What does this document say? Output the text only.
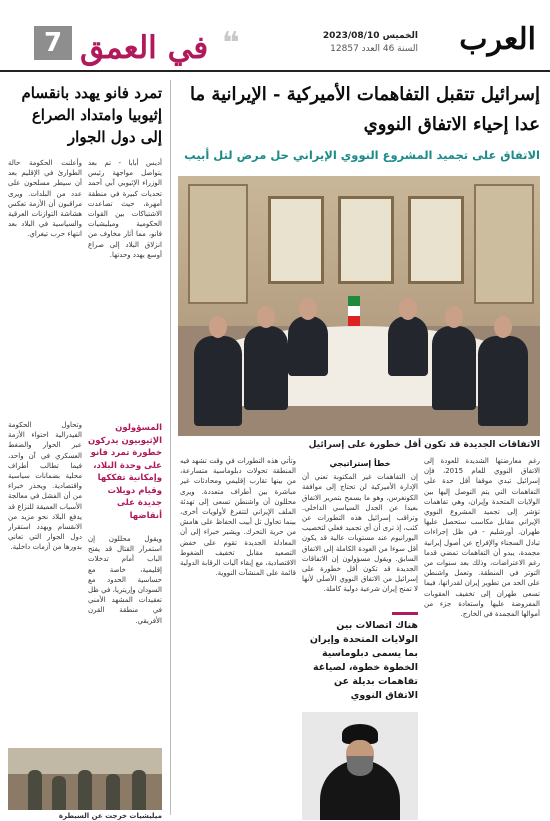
العرب
الخميس 2023/08/10
السنة 46 العدد 12857
❝
في العمق
7
إسرائيل تتقبل التفاهمات الأميركية - الإيرانية ما عدا إحياء الاتفاق النووي
الاتفاق على تجميد المشروع النووي الإيراني حل مرض لتل أبيب
الاتفاقات الجديدة قد تكون أقل خطورة على إسرائيل

رغم معارضتها الشديدة للعودة إلى الاتفاق النووي للعام 2015، فإن إسرائيل تبدي موقفا أقل حدة على التفاهمات التي يتم التوصل إليها بين الولايات المتحدة وإيران، وهي تفاهمات تؤشر إلى تجميد المشروع النووي الإيراني مقابل مكاسب ستحصل عليها طهران. أورشليم - في ظل إجراءات تبادل السجناء والإفراج عن أصول إيرانية مجمدة، يبدو أن التفاهمات تمضي قدما رغم الاعتراضات، وذلك بعد سنوات من التوتر في المنطقة. وتعمل واشنطن على الحد من تطوير إيران لقدراتها، فيما تسعى طهران إلى تخفيف العقوبات المفروضة عليها واستعادة جزء من أموالها المجمدة في الخارج.

وتأتي هذه التطورات في وقت تشهد فيه المنطقة تحولات دبلوماسية متسارعة، من بينها تقارب إقليمي ومحادثات غير مباشرة بين أطراف متعددة. ويرى محللون أن واشنطن تسعى إلى تهدئة الملف الإيراني لتتفرغ لأولويات أخرى، بينما تحاول تل أبيب الحفاظ على هامش من حرية التحرك. ويشير خبراء إلى أن المعادلة الجديدة تقوم على خفض التصعيد مقابل تخفيف الضغوط الاقتصادية، مع إبقاء آليات الرقابة الدولية قائمة على المنشآت النووية.

خطأ إستراتيجي

إن التفاهمات غير المكتوبة تعني أن الإدارة الأميركية لن تحتاج إلى موافقة الكونغرس، وهو ما يسمح بتمرير الاتفاق بعيدا عن الجدل السياسي الداخلي. وتراقب إسرائيل هذه التطورات عن كثب، إذ ترى أن أي تجميد فعلي لتخصيب اليورانيوم عند مستويات عالية قد يكون أقل سوءا من العودة الكاملة إلى الاتفاق السابق. ويقول مسؤولون إن الاتفاقات الجديدة قد تكون أقل خطورة على إسرائيل من الاتفاق النووي الأصلي لأنها لا تمنح إيران شرعية دولية كاملة.

هناك اتصالات بين الولايات المتحدة وإيران بما يسمى دبلوماسية الخطوة خطوة، لصياغة تفاهمات بديلة عن الاتفاق النووي
تمرد فانو يهدد بانقسام إثيوبيا وامتداد الصراع إلى دول الجوار

أديس أبابا - تم بعد يتواصل مواجهة رئيس الوزراء الإثيوبي آبي أحمد تحديات كبيرة في منطقة أمهرة، حيث تصاعدت الاشتباكات بين القوات الحكومية وميليشيات فانو، مما أثار مخاوف من انزلاق البلاد إلى صراع أوسع يهدد وحدتها.

وأعلنت الحكومة حالة الطوارئ في الإقليم بعد أن سيطر مسلحون على عدد من البلدات. ويرى مراقبون أن الأزمة تعكس هشاشة التوازنات العرقية والسياسية في البلاد بعد انتهاء حرب تيغراي.

المسؤولون الإثيوبيون يدركون خطورة تمرد فانو على وحدة البلاد، وإمكانية تفككها وقيام دويلات جديدة على أنقاضها

ويقول محللون إن استمرار القتال قد يفتح الباب أمام تدخلات إقليمية، خاصة مع حساسية الحدود مع السودان وإريتريا، في ظل تعقيدات المشهد الأمني في منطقة القرن الأفريقي.

وتحاول الحكومة الفيدرالية احتواء الأزمة عبر الحوار والضغط العسكري في آن واحد، فيما تطالب أطراف محلية بضمانات سياسية واقتصادية. ويحذر خبراء من أن الفشل في معالجة الأسباب العميقة للنزاع قد يدفع البلاد نحو مزيد من الانقسام ويهدد استقرار دول الجوار التي تعاني بدورها من أزمات داخلية.

ميليشيات خرجت عن السيطرة
